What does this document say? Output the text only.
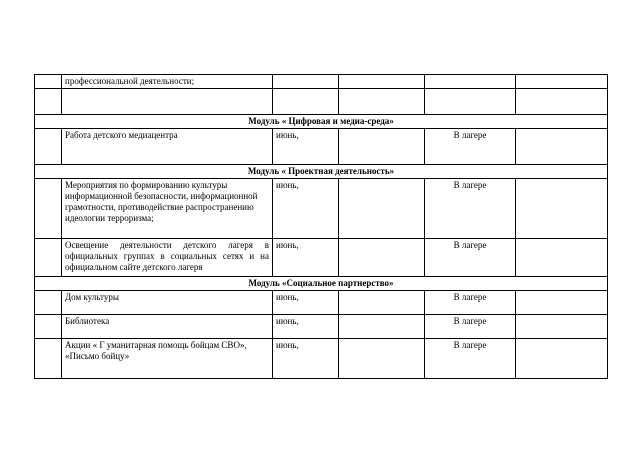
	профессиональной деятельности;				

Модуль « Цифровая и медиа-среда»					
	Работа детского медиацентра	июнь,		В лагере	
Модуль « Проектная деятельность»					
	Мероприятия по формированию культуры информационной безопасности, информационной грамотности, противодействие распространению идеологии терроризма;	июнь,		В лагере	
	Освещение деятельности детского лагеря в официальных группах в социальных сетях и на официальном сайте детского лагеря	июнь,		В лагере	
Модуль «Социальное партнерство»					
	Дом культуры	июнь,		В лагере	
	Библиотека	июнь,		В лагере	
	Акции « Г уманитарная помощь бойцам СВО», «Письмо бойцу»	июнь,		В лагере	
